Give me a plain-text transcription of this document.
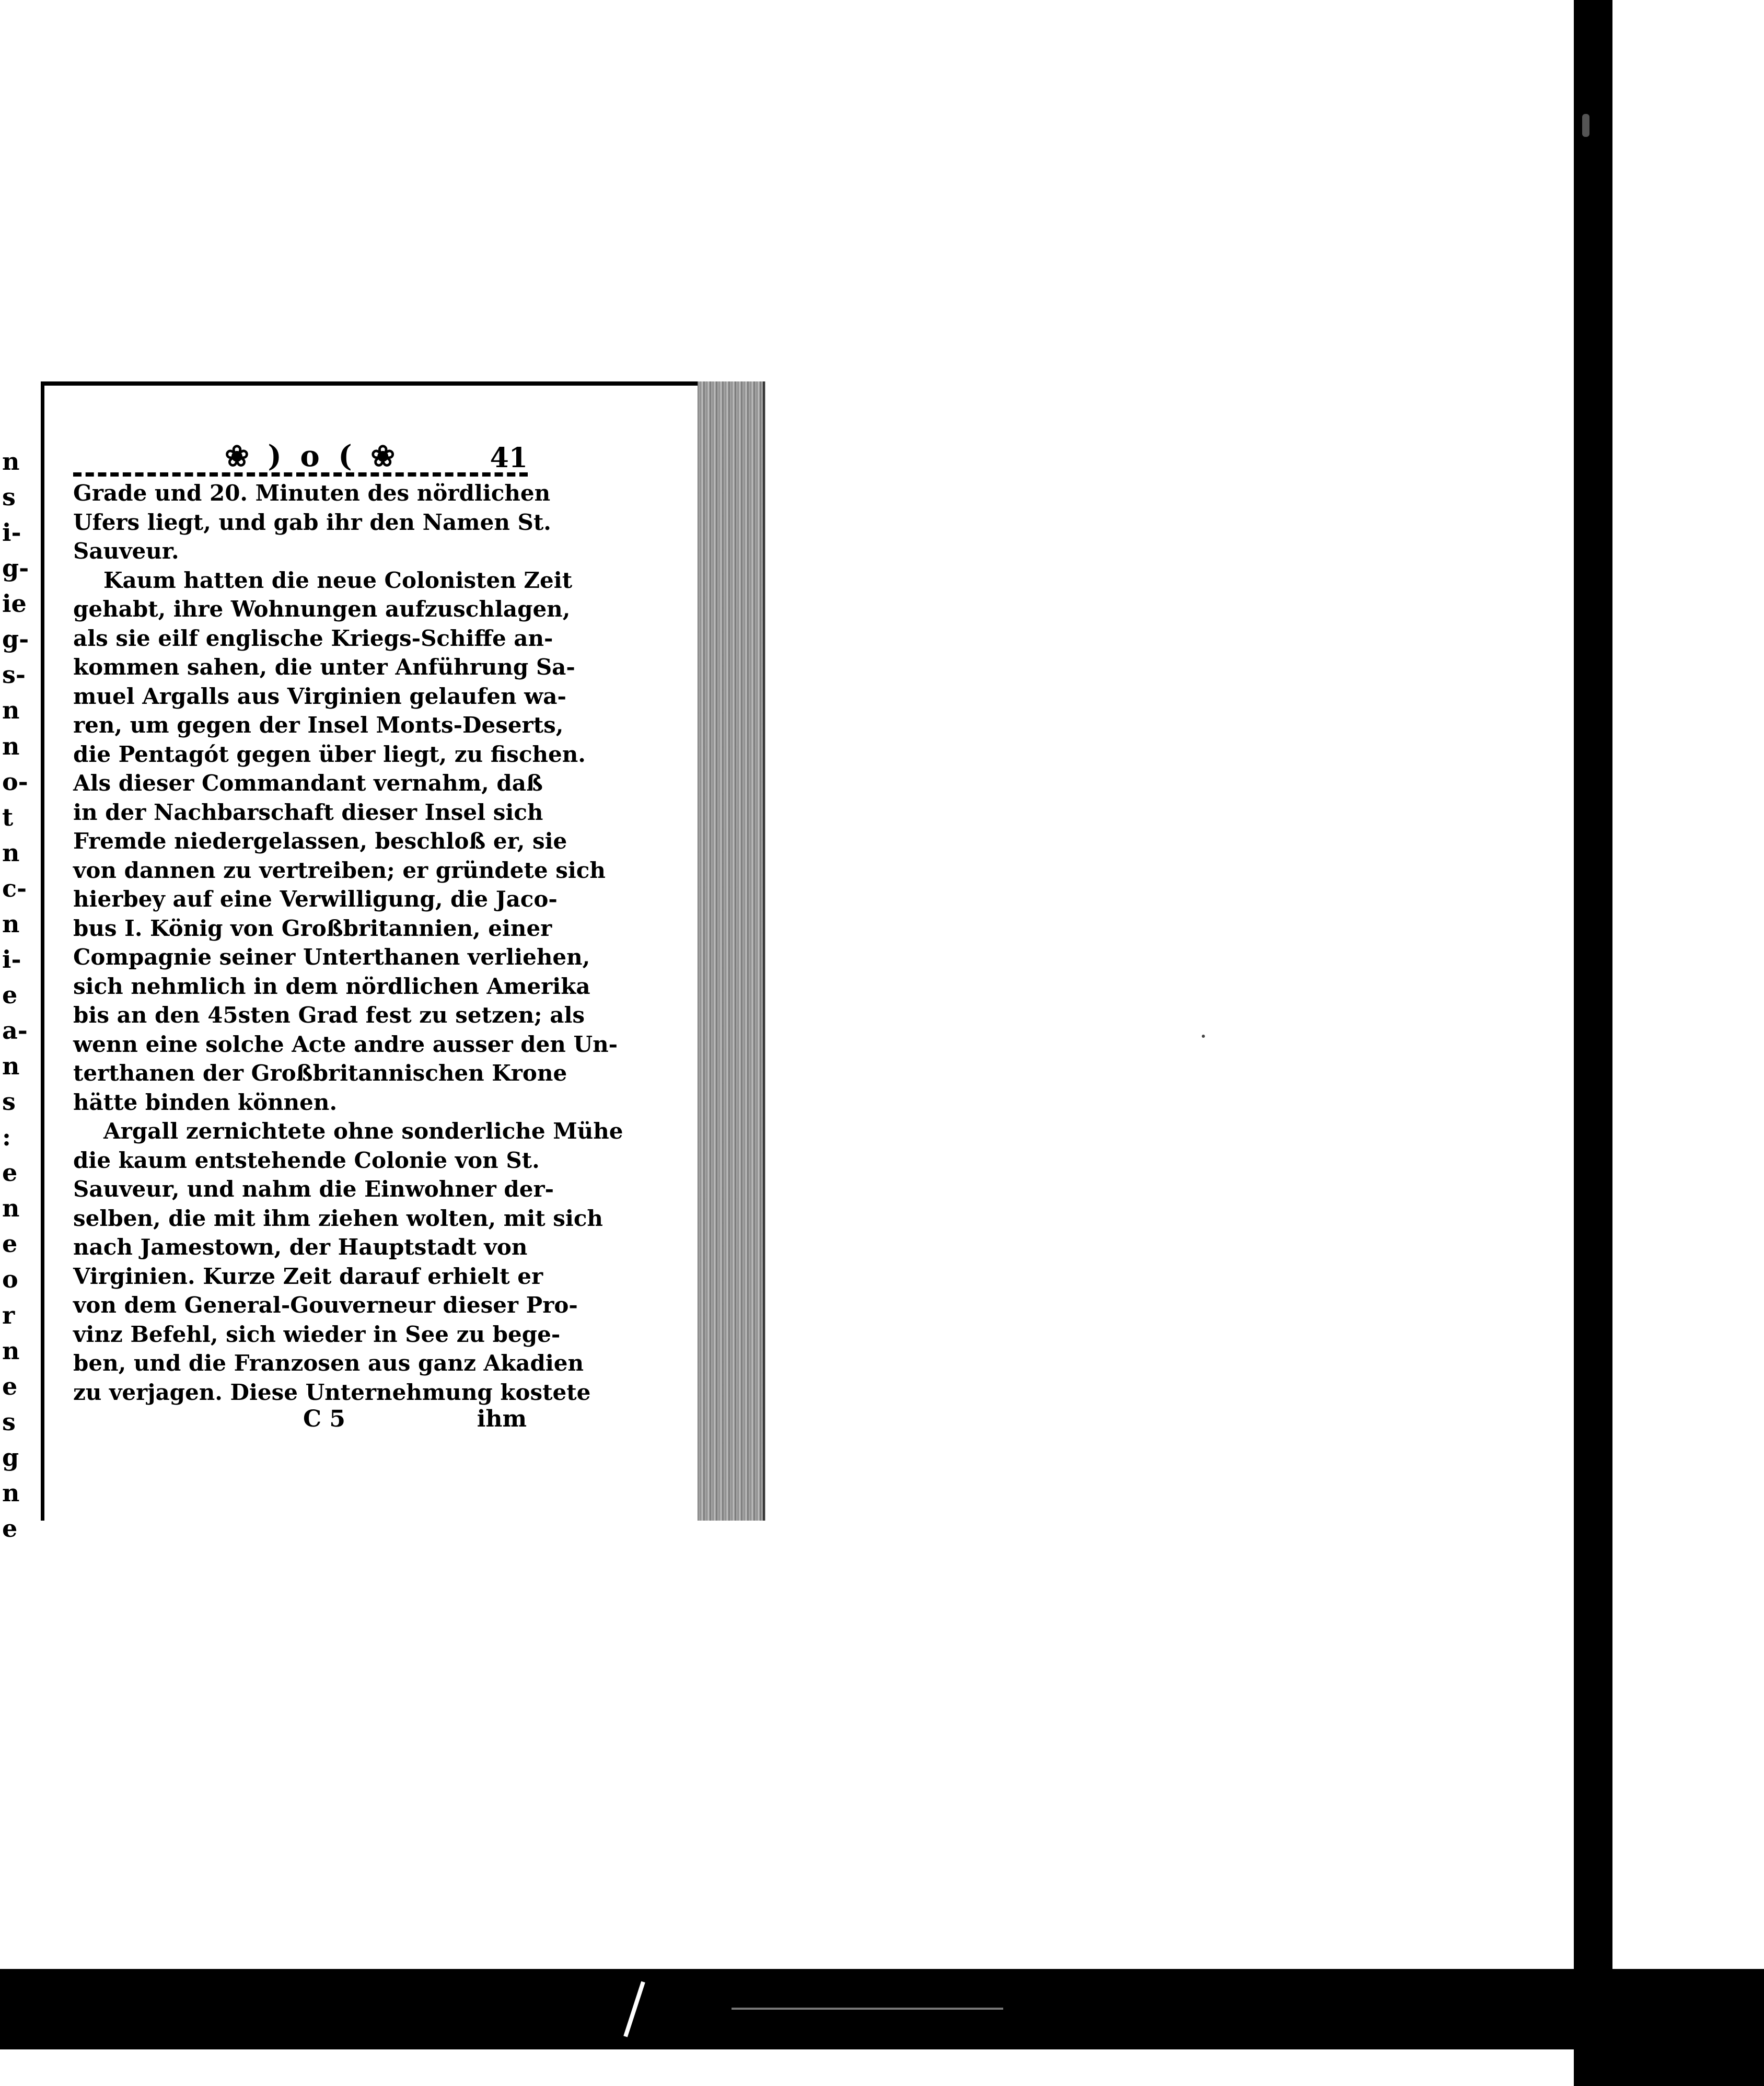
n
s
i-
g-
ie
g-
s-
n
n
o-
t
n
c-
n
i-
e
a-
n
s
:
e
n
e
o
r
n
e
s
g
n
e
❀ ) o ( ❀	41
Grade und 20. Minuten des nördlichen
Ufers liegt, und gab ihr den Namen St.
Sauveur.
Kaum hatten die neue Colonisten Zeit
gehabt, ihre Wohnungen aufzuschlagen,
als sie eilf englische Kriegs-Schiffe an-
kommen sahen, die unter Anführung Sa-
muel Argalls aus Virginien gelaufen wa-
ren, um gegen der Insel Monts-Deserts,
die Pentagót gegen über liegt, zu fischen.
Als dieser Commandant vernahm, daß
in der Nachbarschaft dieser Insel sich
Fremde niedergelassen, beschloß er, sie
von dannen zu vertreiben; er gründete sich
hierbey auf eine Verwilligung, die Jaco-
bus I. König von Großbritannien, einer
Compagnie seiner Unterthanen verliehen,
sich nehmlich in dem nördlichen Amerika
bis an den 45sten Grad fest zu setzen; als
wenn eine solche Acte andre ausser den Un-
terthanen der Großbritannischen Krone
hätte binden können.
Argall zernichtete ohne sonderliche Mühe
die kaum entstehende Colonie von St.
Sauveur, und nahm die Einwohner der-
selben, die mit ihm ziehen wolten, mit sich
nach Jamestown, der Hauptstadt von
Virginien. Kurze Zeit darauf erhielt er
von dem General-Gouverneur dieser Pro-
vinz Befehl, sich wieder in See zu bege-
ben, und die Franzosen aus ganz Akadien
zu verjagen. Diese Unternehmung kostete
C 5	ihm
